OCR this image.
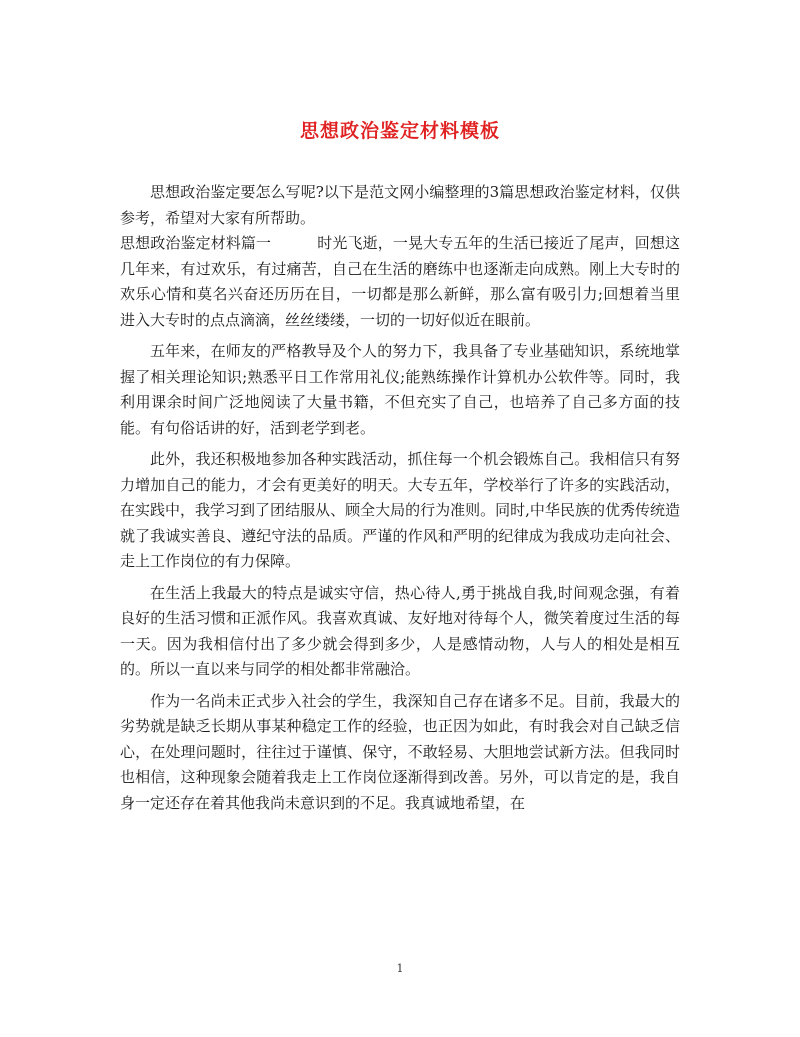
思想政治鉴定材料模板

思想政治鉴定要怎么写呢?以下是范文网小编整理的3篇思想政治鉴定材料，仅供参考，希望对大家有所帮助。

思想政治鉴定材料篇一	时光飞逝，一晃大专五年的生活已接近了尾声，回想这几年来，有过欢乐，有过痛苦，自己在生活的磨练中也逐渐走向成熟。刚上大专时的欢乐心情和莫名兴奋还历历在目，一切都是那么新鲜，那么富有吸引力;回想着当里进入大专时的点点滴滴，丝丝缕缕，一切的一切好似近在眼前。

五年来，在师友的严格教导及个人的努力下，我具备了专业基础知识，系统地掌握了相关理论知识;熟悉平日工作常用礼仪;能熟练操作计算机办公软件等。同时，我利用课余时间广泛地阅读了大量书籍，不但充实了自己，也培养了自己多方面的技能。有句俗话讲的好，活到老学到老。

此外，我还积极地参加各种实践活动，抓住每一个机会锻炼自己。我相信只有努力增加自己的能力，才会有更美好的明天。大专五年，学校举行了许多的实践活动，在实践中，我学习到了团结服从、顾全大局的行为准则。同时,中华民族的优秀传统造就了我诚实善良、遵纪守法的品质。严谨的作风和严明的纪律成为我成功走向社会、走上工作岗位的有力保障。

在生活上我最大的特点是诚实守信，热心待人,勇于挑战自我,时间观念强，有着良好的生活习惯和正派作风。我喜欢真诚、友好地对待每个人，微笑着度过生活的每一天。因为我相信付出了多少就会得到多少，人是感情动物，人与人的相处是相互的。所以一直以来与同学的相处都非常融洽。

作为一名尚未正式步入社会的学生，我深知自己存在诸多不足。目前，我最大的劣势就是缺乏长期从事某种稳定工作的经验，也正因为如此，有时我会对自己缺乏信心，在处理问题时，往往过于谨慎、保守，不敢轻易、大胆地尝试新方法。但我同时也相信，这种现象会随着我走上工作岗位逐渐得到改善。另外，可以肯定的是，我自身一定还存在着其他我尚未意识到的不足。我真诚地希望，在

1
